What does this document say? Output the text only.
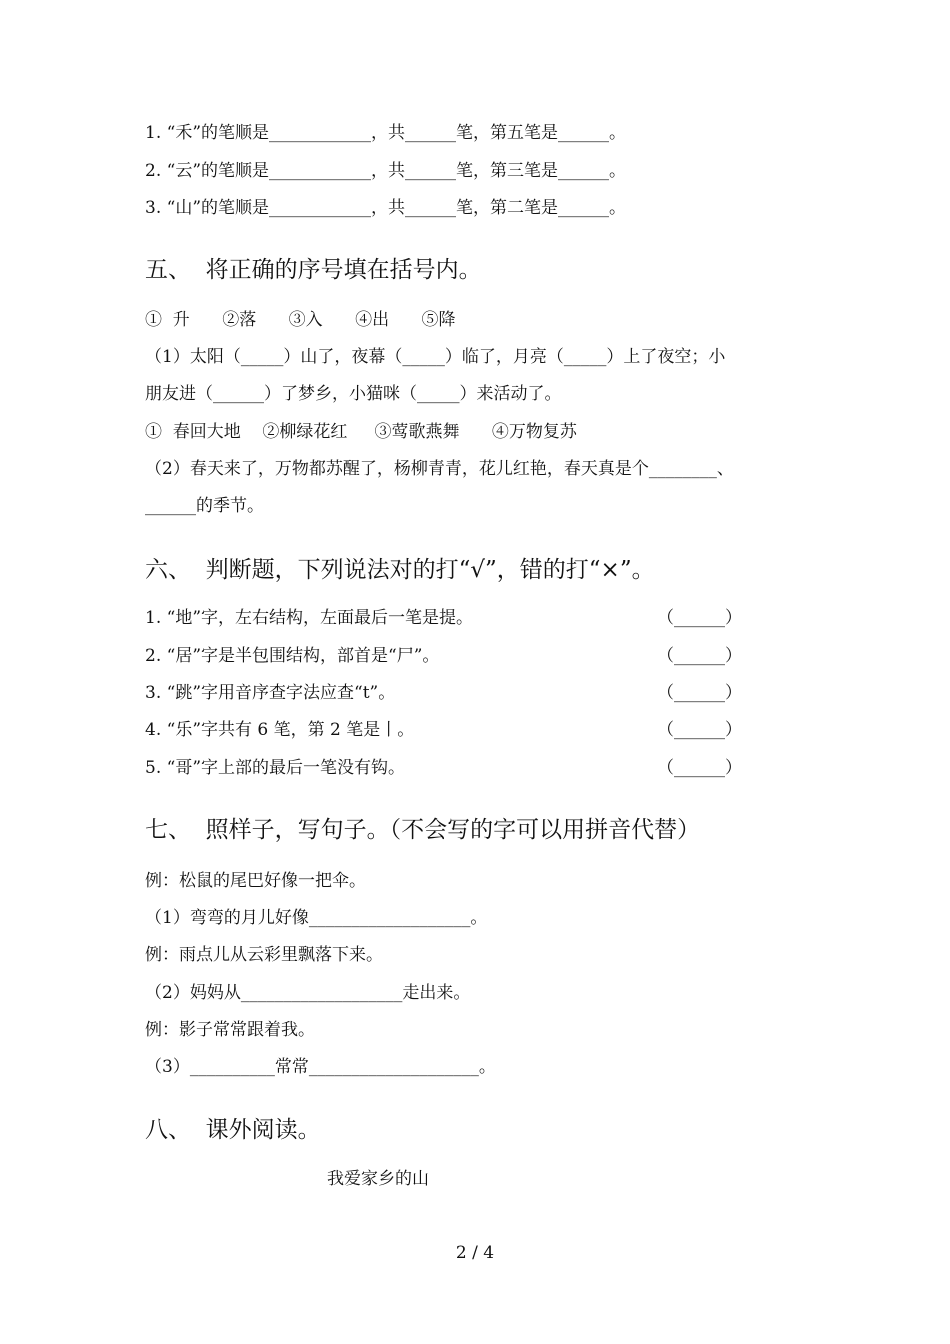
1. “禾”的笔顺是____________，共______笔，第五笔是______。
2. “云”的笔顺是____________，共______笔，第三笔是______。
3. “山”的笔顺是____________，共______笔，第二笔是______。
五、  将正确的序号填在括号内。
①  升      ②落      ③入      ④出      ⑤降
（1）太阳（_____）山了，夜幕（_____）临了，月亮（_____）上了夜空；小
朋友进（______）了梦乡，小猫咪（_____）来活动了。
①  春回大地    ②柳绿花红     ③莺歌燕舞      ④万物复苏
（2）春天来了，万物都苏醒了，杨柳青青，花儿红艳，春天真是个________、
______的季节。
六、  判断题，下列说法对的打“√”，错的打“×”。
1. “地”字，左右结构，左面最后一笔是提。	（______）
2. “居”字是半包围结构，部首是“尸”。	（______）
3. “跳”字用音序查字法应查“t”。	（______）
4. “乐”字共有 6 笔，第 2 笔是丨。	（______）
5. “哥”字上部的最后一笔没有钩。	（______）
七、  照样子，写句子。（不会写的字可以用拼音代替）
例：松鼠的尾巴好像一把伞。
（1）弯弯的月儿好像___________________。
例：雨点儿从云彩里飘落下来。
（2）妈妈从___________________走出来。
例：影子常常跟着我。
（3）__________常常____________________。
八、  课外阅读。
我爱家乡的山
2 / 4
